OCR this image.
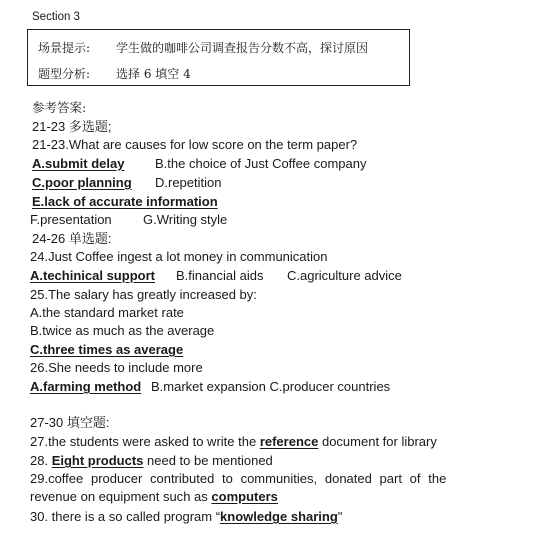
Section 3
场景提示: 学生做的咖啡公司调查报告分数不高，探讨原因
题型分析: 选择 6 填空 4
参考答案:
21-23 多选题;
21-23.What are causes for low score on the term paper?
A.submit delay B.the choice of Just Coffee company
C.poor planning D.repetition
E.lack of accurate information
F.presentation G.Writing style
24-26 单选题:
24.Just Coffee ingest a lot money in communication
A.techinical support B.financial aids C.agriculture advice
25.The salary has greatly increased by:
A.the standard market rate
B.twice as much as the average
C.three times as average
26.She needs to include more
A.farming method B.market expansion C.producer countries
27-30 填空题:
27.the students were asked to write the reference document for library
28. Eight products need to be mentioned
29.coffee producer contributed to communities, donated part of the
revenue on equipment such as computers
30. there is a so called program “knowledge sharing"
